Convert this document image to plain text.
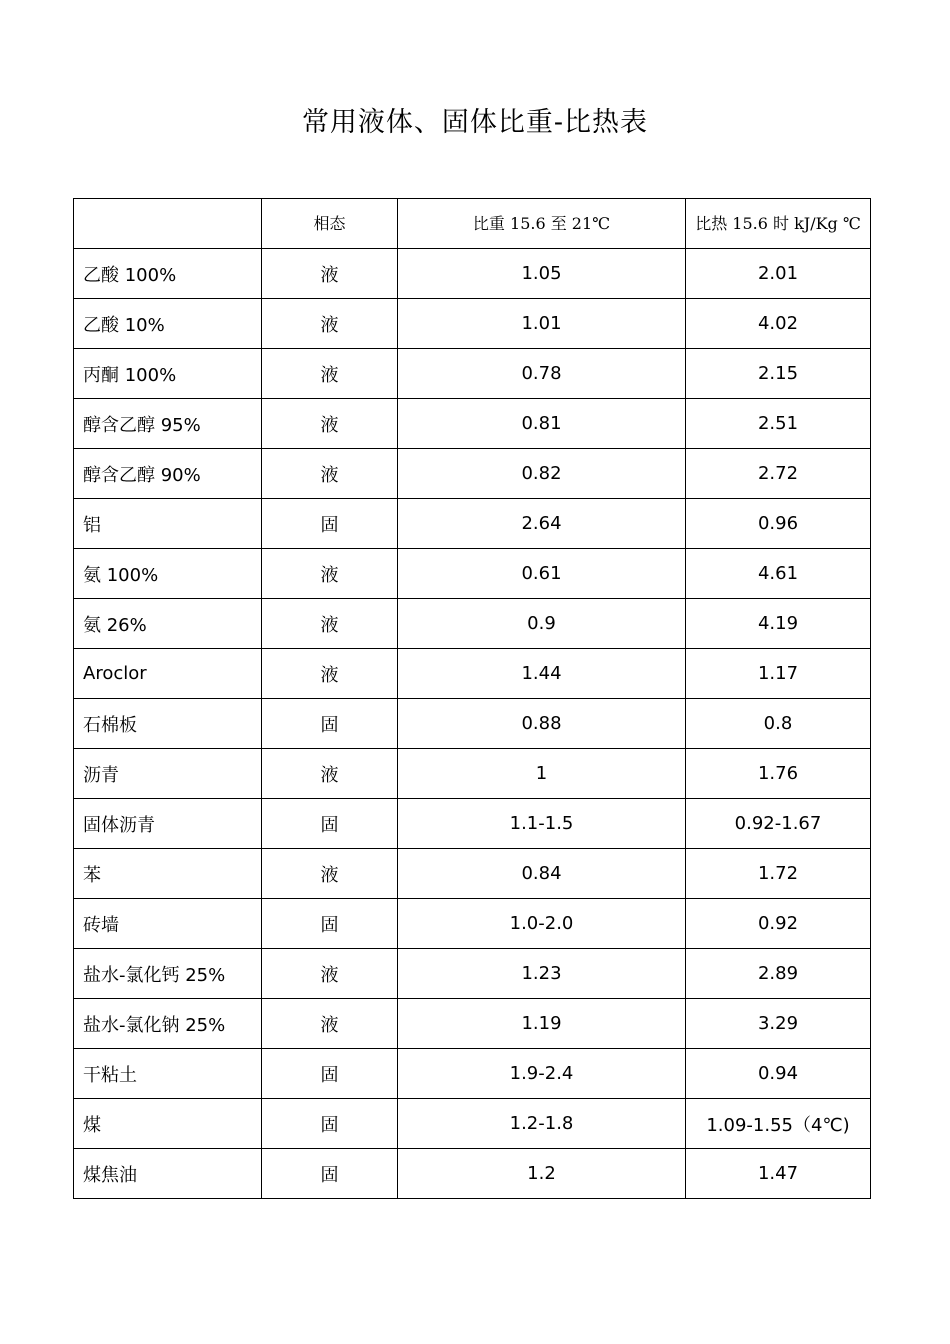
常用液体、固体比重-比热表
	相态	比重 15.6 至 21℃	比热 15.6 时 kJ/Kg ℃
乙酸 100%	液	1.05	2.01
乙酸 10%	液	1.01	4.02
丙酮 100%	液	0.78	2.15
醇含乙醇 95%	液	0.81	2.51
醇含乙醇 90%	液	0.82	2.72
铝	固	2.64	0.96
氨 100%	液	0.61	4.61
氨 26%	液	0.9	4.19
Aroclor	液	1.44	1.17
石棉板	固	0.88	0.8
沥青	液	1	1.76
固体沥青	固	1.1-1.5	0.92-1.67
苯	液	0.84	1.72
砖墙	固	1.0-2.0	0.92
盐水-氯化钙 25%	液	1.23	2.89
盐水-氯化钠 25%	液	1.19	3.29
干粘土	固	1.9-2.4	0.94
煤	固	1.2-1.8	1.09-1.55（4℃)
煤焦油	固	1.2	1.47
